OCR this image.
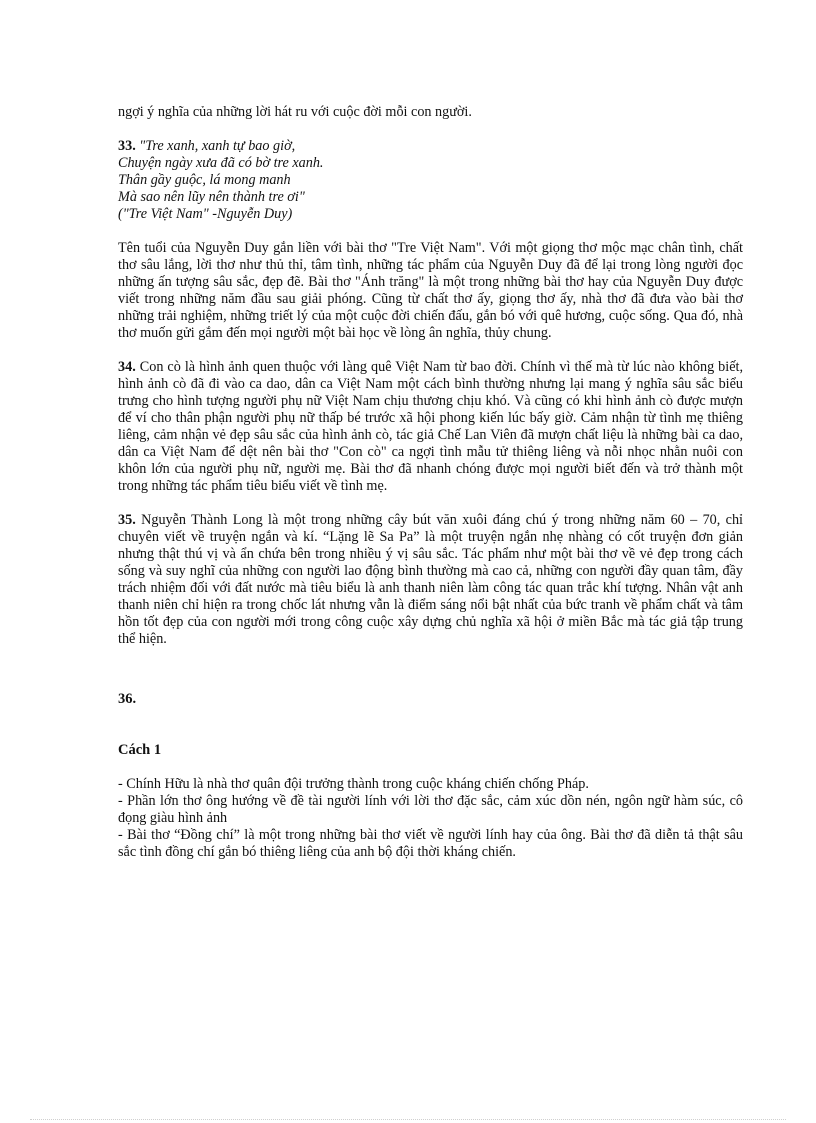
ngợi ý nghĩa của những lời hát ru với cuộc đời mỗi con người.

33. "Tre xanh, xanh tự bao giờ,
Chuyện ngày xưa đã có bờ tre xanh.
Thân gầy guộc, lá mong manh
Mà sao nên lũy nên thành tre ơi"
("Tre Việt Nam" -Nguyễn Duy)

Tên tuổi của Nguyễn Duy gắn liền với bài thơ "Tre Việt Nam". Với một giọng thơ mộc mạc chân tình, chất thơ sâu lắng, lời thơ như thủ thỉ, tâm tình, những tác phẩm của Nguyễn Duy đã để lại trong lòng người đọc những ấn tượng sâu sắc, đẹp đẽ. Bài thơ "Ánh trăng" là một trong những bài thơ hay của Nguyễn Duy được viết trong những năm đầu sau giải phóng. Cũng từ chất thơ ấy, giọng thơ ấy, nhà thơ đã đưa vào bài thơ những trải nghiệm, những triết lý của một cuộc đời chiến đấu, gắn bó với quê hương, cuộc sống. Qua đó, nhà thơ muốn gửi gắm đến mọi người một bài học về lòng ân nghĩa, thủy chung.

34. Con cò là hình ảnh quen thuộc với làng quê Việt Nam từ bao đời. Chính vì thế mà từ lúc nào không biết, hình ảnh cò đã đi vào ca dao, dân ca Việt Nam một cách bình thường nhưng lại mang ý nghĩa sâu sắc biểu trưng cho hình tượng người phụ nữ Việt Nam chịu thương chịu khó. Và cũng có khi hình ảnh cò được mượn để ví cho thân phận người phụ nữ thấp bé trước xã hội phong kiến lúc bấy giờ. Cảm nhận từ tình mẹ thiêng liêng, cảm nhận vẻ đẹp sâu sắc của hình ảnh cò, tác giả Chế Lan Viên đã mượn chất liệu là những bài ca dao, dân ca Việt Nam để dệt nên bài thơ "Con cò" ca ngợi tình mẫu tử thiêng liêng và nỗi nhọc nhằn nuôi con khôn lớn của người phụ nữ, người mẹ. Bài thơ đã nhanh chóng được mọi người biết đến và trở thành một trong những tác phẩm tiêu biểu viết về tình mẹ.

35. Nguyễn Thành Long là một trong những cây bút văn xuôi đáng chú ý trong những năm 60 – 70, chỉ chuyên viết về truyện ngắn và kí. “Lặng lẽ Sa Pa” là một truyện ngắn nhẹ nhàng có cốt truyện đơn giản nhưng thật thú vị và ẩn chứa bên trong nhiều ý vị sâu sắc. Tác phẩm như một bài thơ về vẻ đẹp trong cách sống và suy nghĩ của những con người lao động bình thường mà cao cả, những con người đầy quan tâm, đầy trách nhiệm đối với đất nước mà tiêu biểu là anh thanh niên làm công tác quan trắc khí tượng. Nhân vật anh thanh niên chỉ hiện ra trong chốc lát nhưng vẫn là điểm sáng nổi bật nhất của bức tranh về phẩm chất và tâm hồn tốt đẹp của con người mới trong công cuộc xây dựng chủ nghĩa xã hội ở miền Bắc mà tác giả tập trung thể hiện.

36.

Cách 1

- Chính Hữu là nhà thơ quân đội trưởng thành trong cuộc kháng chiến chống Pháp.
- Phần lớn thơ ông hướng về đề tài người lính với lời thơ đặc sắc, cảm xúc dồn nén, ngôn ngữ hàm súc, cô đọng giàu hình ảnh
- Bài thơ “Đồng chí” là một trong những bài thơ viết về người lính hay của ông. Bài thơ đã diễn tả thật sâu sắc tình đồng chí gắn bó thiêng liêng của anh bộ đội thời kháng chiến.
